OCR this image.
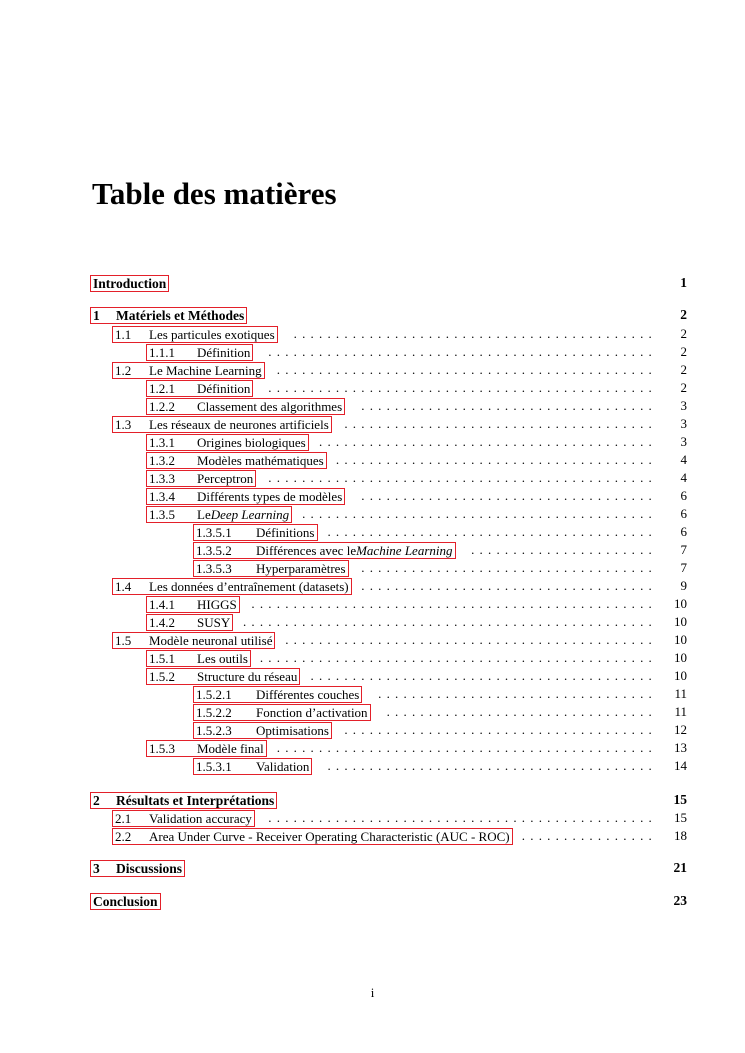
Table des matières
Introduction	1
1 Matériels et Méthodes	2
1.1 Les particules exotiques	...........................................	2
1.1.1 Définition	..............................................	2
1.2 Le Machine Learning	.............................................	2
1.2.1 Définition	..............................................	2
1.2.2 Classement des algorithmes	...................................	3
1.3 Les réseaux de neurones artificiels	.....................................	3
1.3.1 Origines biologiques	........................................	3
1.3.2 Modèles mathématiques ......................................	4
1.3.3 Perceptron	..............................................	4
1.3.4 Différents types de modèles	...................................	6
1.3.5 LeDeep Learning ..........................................	6
1.3.5.1 Définitions .......................................	6
1.3.5.2 Différences avec leMachine Learning	......................	7
1.3.5.3 Hyperparamètres	...................................	7
1.4 Les données d’entraînement (datasets) ...................................	9
1.4.1 HIGGS	................................................	10
1.4.2 SUSY .................................................	10
1.5 Modèle neuronal utilisé ............................................	10
1.5.1 Les outils ...............................................	10
1.5.2 Structure du réseau .........................................	10
1.5.2.1 Différentes couches	.................................	11
1.5.2.2 Fonction d’activation	................................	11
1.5.2.3 Optimisations	.....................................	12
1.5.3 Modèle final .............................................	13
1.5.3.1 Validation	.......................................	14
2 Résultats et Interprétations	15
2.1 Validation accuracy	..............................................	15
2.2 Area Under Curve - Receiver Operating Characteristic (AUC - ROC) ................	18
3 Discussions	21
Conclusion	23
i
